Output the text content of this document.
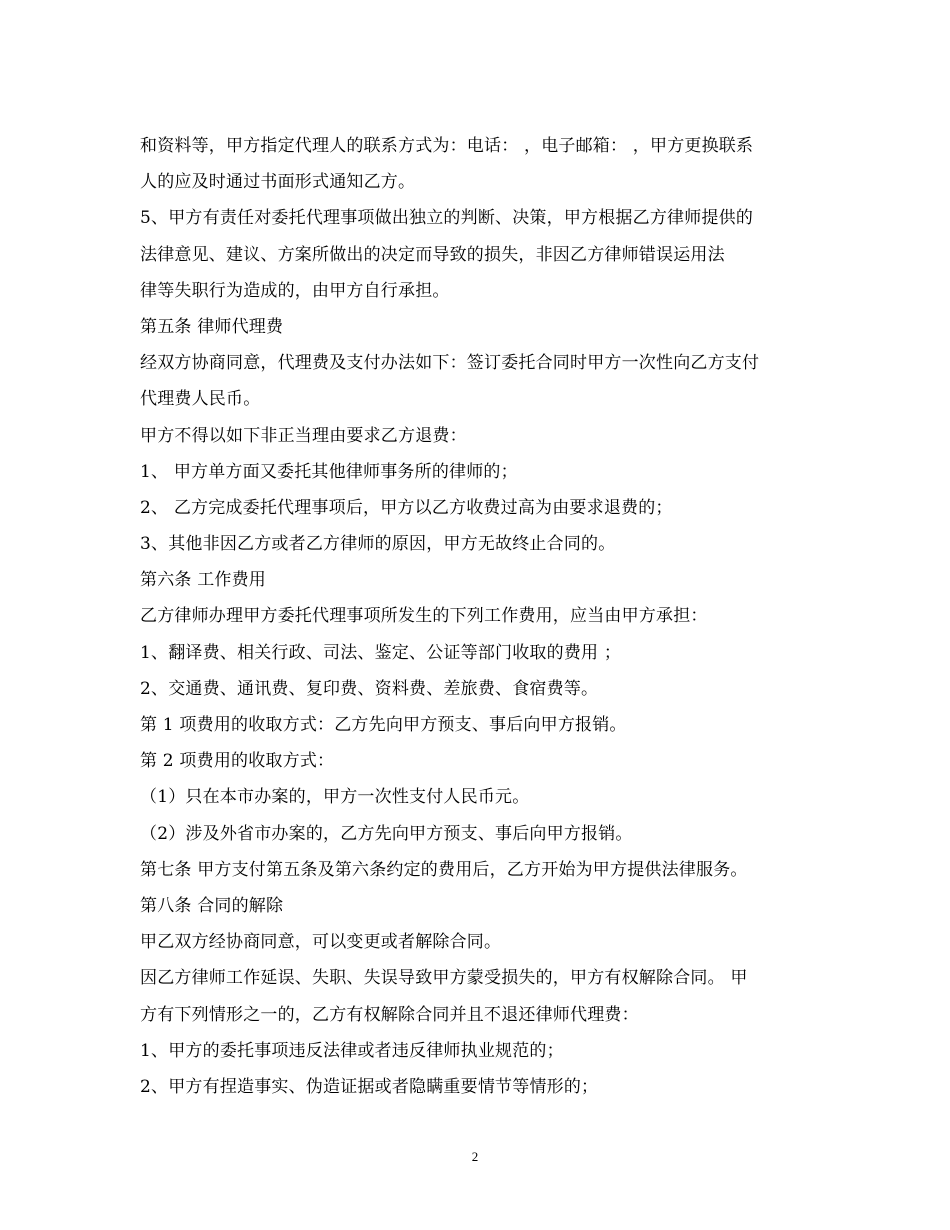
和资料等，甲方指定代理人的联系方式为：电话： ，电子邮箱： ，甲方更换联系
人的应及时通过书面形式通知乙方。
5、甲方有责任对委托代理事项做出独立的判断、决策，甲方根据乙方律师提供的
法律意见、建议、方案所做出的决定而导致的损失，非因乙方律师错误运用法
律等失职行为造成的，由甲方自行承担。
第五条 律师代理费
经双方协商同意，代理费及支付办法如下：签订委托合同时甲方一次性向乙方支付
代理费人民币。
甲方不得以如下非正当理由要求乙方退费：
1、 甲方单方面又委托其他律师事务所的律师的；
2、 乙方完成委托代理事项后，甲方以乙方收费过高为由要求退费的；
3、其他非因乙方或者乙方律师的原因，甲方无故终止合同的。
第六条 工作费用
乙方律师办理甲方委托代理事项所发生的下列工作费用，应当由甲方承担：
1、翻译费、相关行政、司法、鉴定、公证等部门收取的费用 ；
2、交通费、通讯费、复印费、资料费、差旅费、食宿费等。
第 1 项费用的收取方式：乙方先向甲方预支、事后向甲方报销。
第 2 项费用的收取方式：
（1）只在本市办案的，甲方一次性支付人民币元。
（2）涉及外省市办案的，乙方先向甲方预支、事后向甲方报销。
第七条 甲方支付第五条及第六条约定的费用后，乙方开始为甲方提供法律服务。
第八条 合同的解除
甲乙双方经协商同意，可以变更或者解除合同。
因乙方律师工作延误、失职、失误导致甲方蒙受损失的，甲方有权解除合同。 甲
方有下列情形之一的，乙方有权解除合同并且不退还律师代理费：
1、甲方的委托事项违反法律或者违反律师执业规范的；
2、甲方有捏造事实、伪造证据或者隐瞒重要情节等情形的；
2
